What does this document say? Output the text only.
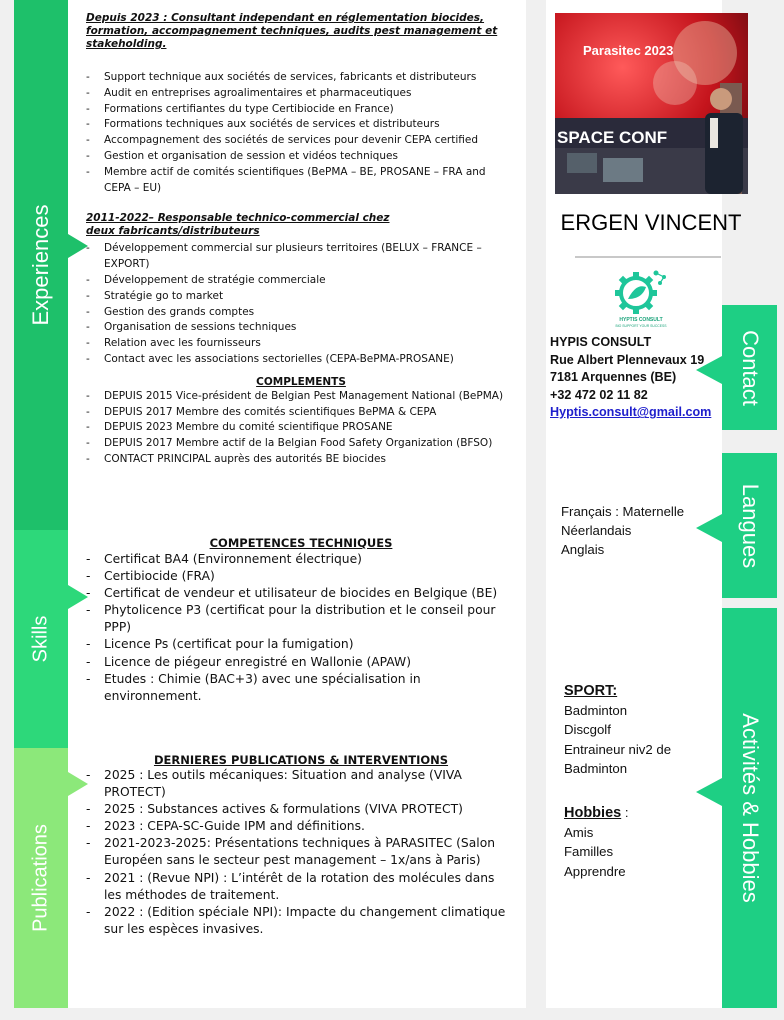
Experiences
Skills
Publications
Contact
Langues
Activités & Hobbies
Depuis 2023 : Consultant independant en réglementation biocides, formation, accompagnement techniques, audits pest management et stakeholding.
- Support technique aux sociétés de services, fabricants et distributeurs
- Audit en entreprises agroalimentaires et pharmaceutiques
- Formations certifiantes du type Certibiocide en France)
- Formations techniques aux sociétés de services et distributeurs
- Accompagnement des sociétés de services pour devenir CEPA certified
- Gestion et organisation de session et vidéos techniques
- Membre actif de comités scientifiques (BePMA – BE, PROSANE – FRA and CEPA – EU)
2011-2022– Responsable technico-commercial chez deux fabricants/distributeurs
- Développement commercial sur plusieurs territoires (BELUX – FRANCE – EXPORT)
- Développement de stratégie commerciale
- Stratégie go to market
- Gestion des grands comptes
- Organisation de sessions techniques
- Relation avec les fournisseurs
- Contact avec les associations sectorielles (CEPA-BePMA-PROSANE)
COMPLEMENTS
- DEPUIS 2015 Vice-président de Belgian Pest Management National (BePMA)
- DEPUIS 2017 Membre des comités scientifiques BePMA & CEPA
- DEPUIS 2023 Membre du comité scientifique PROSANE
- DEPUIS 2017 Membre actif de la Belgian Food Safety Organization (BFSO)
- CONTACT PRINCIPAL auprès des autorités BE biocides
COMPETENCES TECHNIQUES
- Certificat BA4 (Environnement électrique)
- Certibiocide (FRA)
- Certificat de vendeur et utilisateur de biocides en Belgique (BE)
- Phytolicence P3 (certificat pour la distribution et le conseil pour PPP)
- Licence Ps (certificat pour la fumigation)
- Licence de piégeur enregistré en Wallonie (APAW)
- Etudes : Chimie (BAC+3) avec une spécialisation in environnement.
DERNIERES PUBLICATIONS & INTERVENTIONS
- 2025 : Les outils mécaniques: Situation and analyse (VIVA PROTECT)
- 2025 : Substances actives & formulations (VIVA PROTECT)
- 2023 : CEPA-SC-Guide IPM and définitions.
- 2021-2023-2025: Présentations techniques à PARASITEC (Salon Européen sans le secteur pest management – 1x/ans à Paris)
- 2021 : (Revue NPI) : L’intérêt de la rotation des molécules dans les méthodes de traitement.
- 2022 : (Edition spéciale NPI): Impacte du changement climatique sur les espèces invasives.
Parasitec 2023
SPACE CONF
ERGEN VINCENT
HYPTIS CONSULT
BIO SUPPORT YOUR SUCCESS
HYPIS CONSULT
Rue Albert Plennevaux 19
7181 Arquennes (BE)
+32 472 02 11 82
Hyptis.consult@gmail.com
Français : Maternelle
Néerlandais
Anglais
SPORT:
Badminton
Discgolf
Entraineur niv2 de
Badminton
Hobbies :
Amis
Familles
Apprendre
